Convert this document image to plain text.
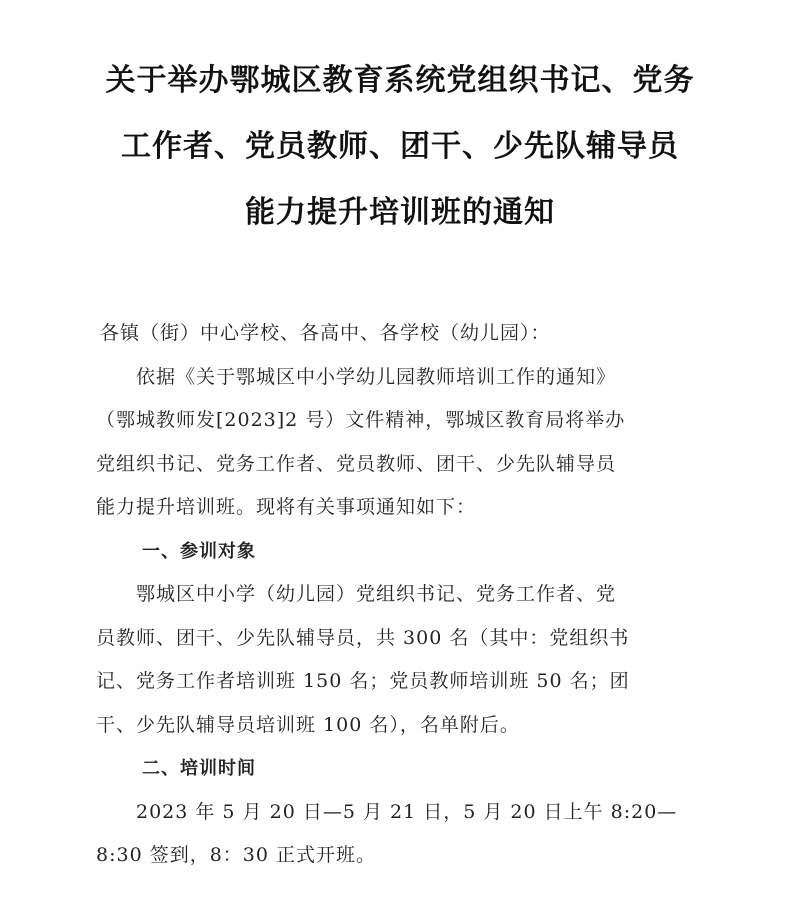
关于举办鄂城区教育系统党组织书记、党务
工作者、党员教师、团干、少先队辅导员
能力提升培训班的通知

各镇（街）中心学校、各高中、各学校（幼儿园）：

依据《关于鄂城区中小学幼儿园教师培训工作的通知》
（鄂城教师发[2023]2 号）文件精神，鄂城区教育局将举办
党组织书记、党务工作者、党员教师、团干、少先队辅导员
能力提升培训班。现将有关事项通知如下：

一、参训对象

鄂城区中小学（幼儿园）党组织书记、党务工作者、党
员教师、团干、少先队辅导员，共 300 名（其中：党组织书
记、党务工作者培训班 150 名；党员教师培训班 50 名；团
干、少先队辅导员培训班 100 名），名单附后。

二、培训时间

2023 年 5 月 20 日—5 月 21 日，5 月 20 日上午 8:20—
8:30 签到，8：30 正式开班。
